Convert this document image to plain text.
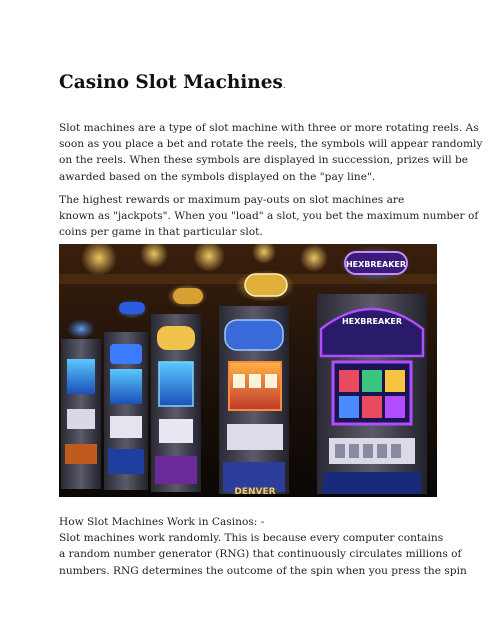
Casino Slot Machines.
Slot machines are a type of slot machine with three or more rotating reels. As
soon as you place a bet and rotate the reels, the symbols will appear randomly
on the reels. When these symbols are displayed in succession, prizes will be
awarded based on the symbols displayed on the "pay line".
The highest rewards or maximum pay-outs on slot machines are
known as "jackpots". When you "load" a slot, you bet the maximum number of
coins per game in that particular slot.
HEXBREAKER
HEXBREAKER
DENVER
How Slot Machines Work in Casinos: -
Slot machines work randomly. This is because every computer contains
a random number generator (RNG) that continuously circulates millions of
numbers. RNG determines the outcome of the spin when you press the spin
